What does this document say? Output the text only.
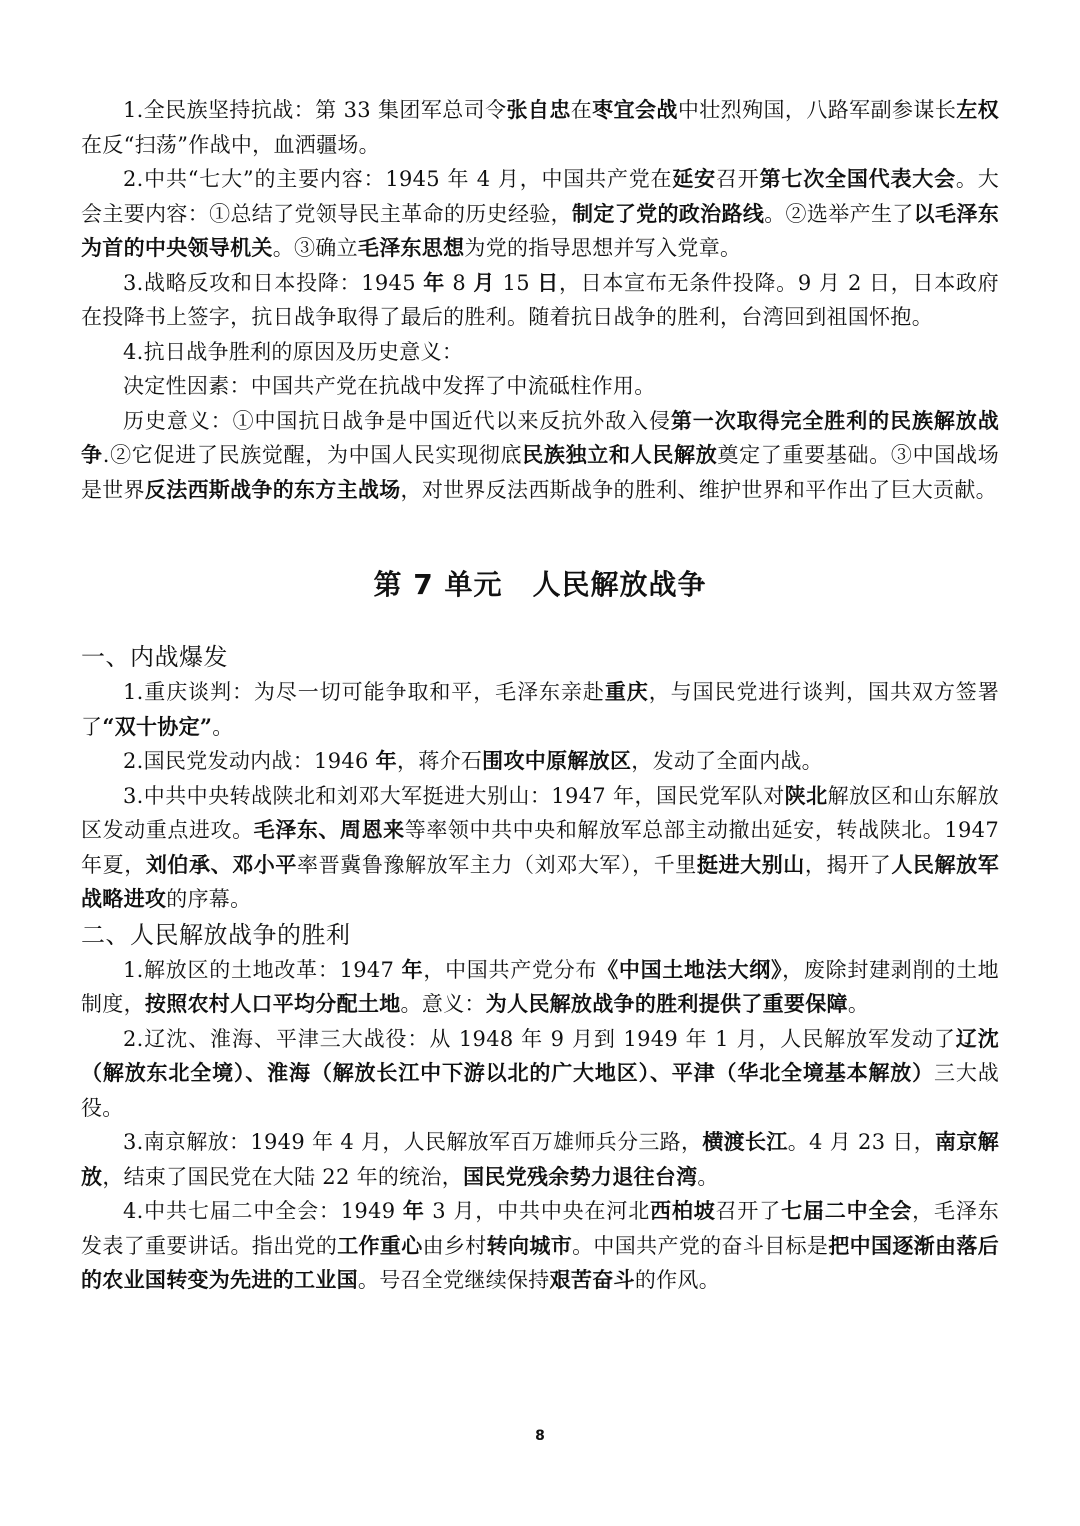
1.全民族坚持抗战：第 33 集团军总司令张自忠在枣宜会战中壮烈殉国，八路军副参谋长左权在反“扫荡”作战中，血洒疆场。

2.中共“七大”的主要内容：1945 年 4 月，中国共产党在延安召开第七次全国代表大会。大会主要内容：①总结了党领导民主革命的历史经验，制定了党的政治路线。②选举产生了以毛泽东为首的中央领导机关。③确立毛泽东思想为党的指导思想并写入党章。

3.战略反攻和日本投降：1945 年 8 月 15 日，日本宣布无条件投降。9 月 2 日，日本政府在投降书上签字，抗日战争取得了最后的胜利。随着抗日战争的胜利，台湾回到祖国怀抱。

4.抗日战争胜利的原因及历史意义：

决定性因素：中国共产党在抗战中发挥了中流砥柱作用。

历史意义：①中国抗日战争是中国近代以来反抗外敌入侵第一次取得完全胜利的民族解放战争.②它促进了民族觉醒，为中国人民实现彻底民族独立和人民解放奠定了重要基础。③中国战场是世界反法西斯战争的东方主战场，对世界反法西斯战争的胜利、维护世界和平作出了巨大贡献。

第 7 单元 人民解放战争
一、内战爆发

1.重庆谈判：为尽一切可能争取和平，毛泽东亲赴重庆，与国民党进行谈判，国共双方签署了“双十协定”。

2.国民党发动内战：1946 年，蒋介石围攻中原解放区，发动了全面内战。

3.中共中央转战陕北和刘邓大军挺进大别山：1947 年，国民党军队对陕北解放区和山东解放区发动重点进攻。毛泽东、周恩来等率领中共中央和解放军总部主动撤出延安，转战陕北。1947 年夏，刘伯承、邓小平率晋冀鲁豫解放军主力（刘邓大军），千里挺进大别山，揭开了人民解放军战略进攻的序幕。

二、人民解放战争的胜利

1.解放区的土地改革：1947 年，中国共产党分布《中国土地法大纲》，废除封建剥削的土地制度，按照农村人口平均分配土地。意义：为人民解放战争的胜利提供了重要保障。

2.辽沈、淮海、平津三大战役：从 1948 年 9 月到 1949 年 1 月，人民解放军发动了辽沈（解放东北全境）、淮海（解放长江中下游以北的广大地区）、平津（华北全境基本解放）三大战役。

3.南京解放：1949 年 4 月，人民解放军百万雄师兵分三路，横渡长江。4 月 23 日，南京解放，结束了国民党在大陆 22 年的统治，国民党残余势力退往台湾。

4.中共七届二中全会：1949 年 3 月，中共中央在河北西柏坡召开了七届二中全会，毛泽东发表了重要讲话。指出党的工作重心由乡村转向城市。中国共产党的奋斗目标是把中国逐渐由落后的农业国转变为先进的工业国。号召全党继续保持艰苦奋斗的作风。

8
